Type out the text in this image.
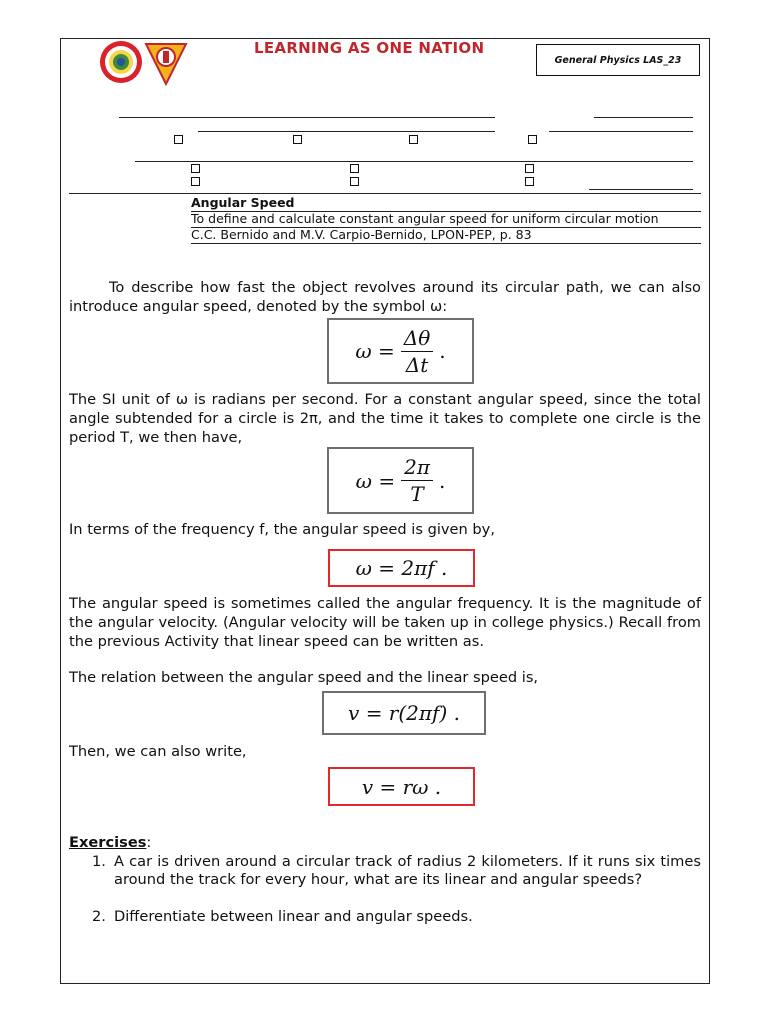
LEARNING AS ONE NATION
General Physics LAS_23
Angular Speed
To define and calculate constant angular speed for uniform circular motion
C.C. Bernido and M.V. Carpio-Bernido, LPON-PEP, p. 83
To describe how fast the object revolves around its circular path, we can also introduce angular speed, denoted by the symbol ω:
$\omega = \frac{\Delta\theta}{\Delta t}$ .
The SI unit of ω is radians per second. For a constant angular speed, since the total angle subtended for a circle is 2π, and the time it takes to complete one circle is the period T, we then have,
$\omega = \frac{2\pi}{T}$ .
In terms of the frequency f, the angular speed is given by,
ω = 2πf .
The angular speed is sometimes called the angular frequency. It is the magnitude of the angular velocity. (Angular velocity will be taken up in college physics.) Recall from the previous Activity that linear speed can be written as.
The relation between the angular speed and the linear speed is,
v = r(2πf) .
Then, we can also write,
v = rω .
Exercises:
1. A car is driven around a circular track of radius 2 kilometers. If it runs six times around the track for every hour, what are its linear and angular speeds?
2. Differentiate between linear and angular speeds.
